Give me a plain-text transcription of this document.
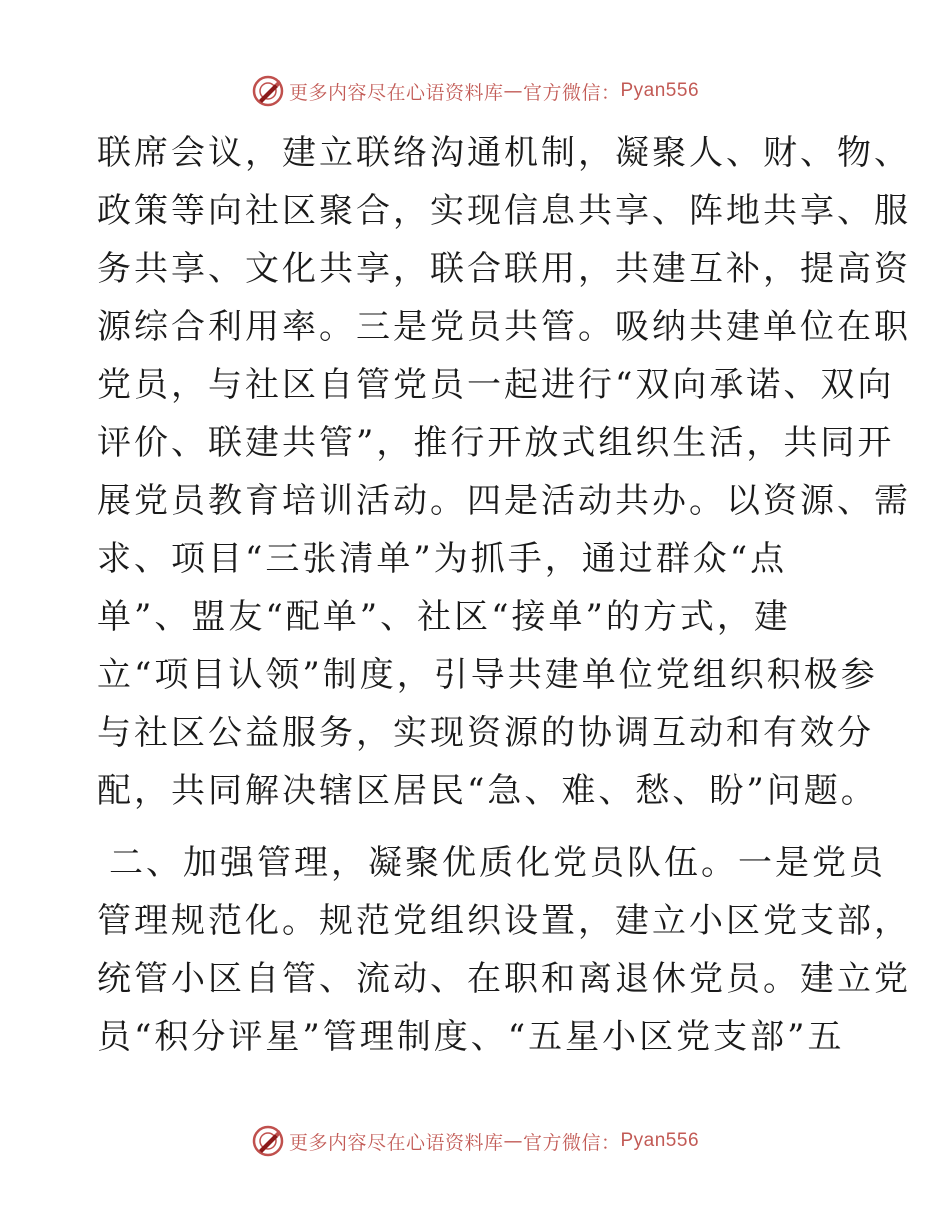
更多内容尽在心语资料库 — 官方微信： Pyan556
联席会议，建立联络沟通机制，凝聚人、财、物、
政策等向社区聚合，实现信息共享、阵地共享、服
务共享、文化共享，联合联用，共建互补，提高资
源综合利用率。三是党员共管。吸纳共建单位在职
党员，与社区自管党员一起进行“双向承诺、双向
评价、联建共管”，推行开放式组织生活，共同开
展党员教育培训活动。四是活动共办。以资源、需
求、项目“三张清单”为抓手，通过群众“点
单”、盟友“配单”、社区“接单”的方式，建
立“项目认领”制度，引导共建单位党组织积极参
与社区公益服务，实现资源的协调互动和有效分
配，共同解决辖区居民“急、难、愁、盼”问题。
二、加强管理，凝聚优质化党员队伍。一是党员
管理规范化。规范党组织设置，建立小区党支部，
统管小区自管、流动、在职和离退休党员。建立党
员“积分评星”管理制度、“五星小区党支部”五
更多内容尽在心语资料库 — 官方微信： Pyan556
